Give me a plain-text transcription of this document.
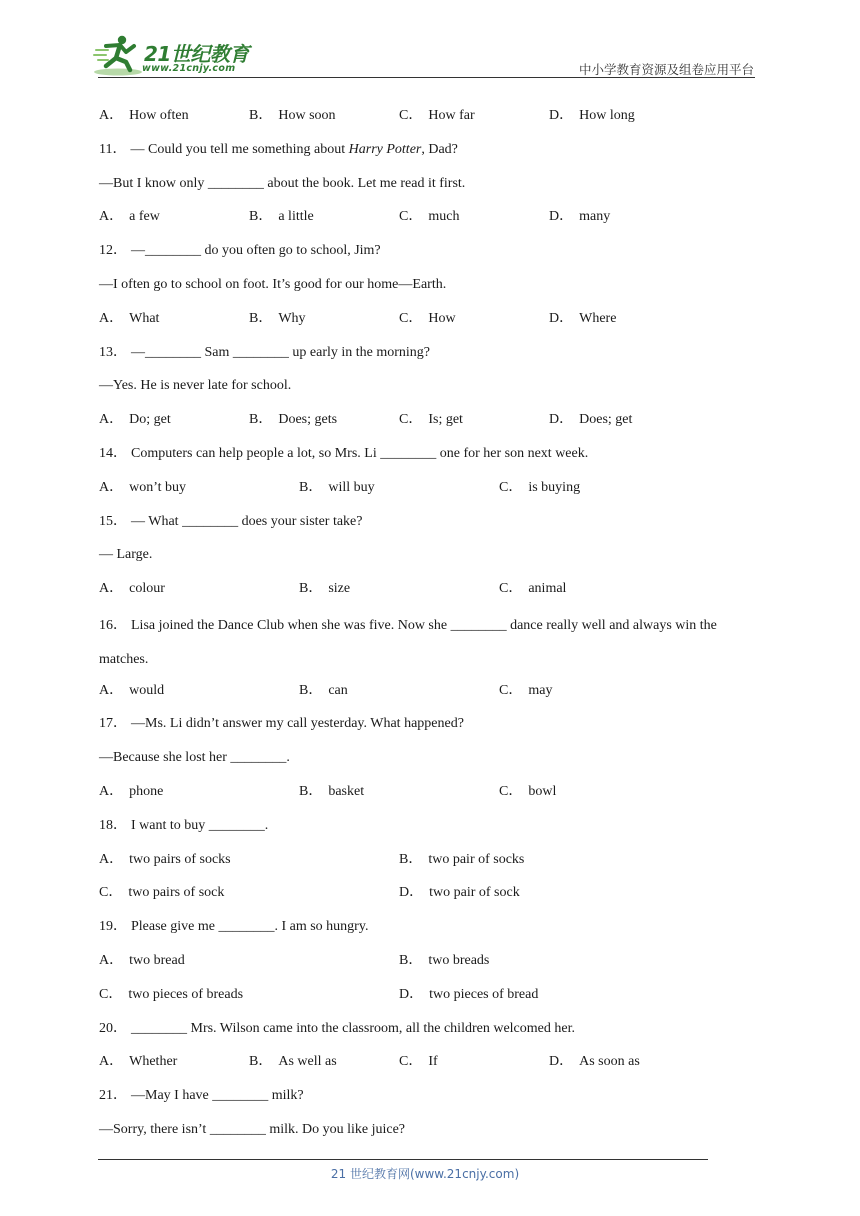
21世纪教育
www.21cnjy.com	中小学教育资源及组卷应用平台
A． How often	B． How soon	C． How far	D． How long
11． — Could you tell me something about Harry Potter, Dad?
—But I know only ________ about the book. Let me read it first.
A． a few	B． a little	C． much	D． many
12． —________ do you often go to school, Jim?
—I often go to school on foot. It’s good for our home—Earth.
A． What	B． Why	C． How	D． Where
13． —________ Sam ________ up early in the morning?
—Yes. He is never late for school.
A． Do; get	B． Does; gets	C． Is; get	D． Does; get
14． Computers can help people a lot, so Mrs. Li ________ one for her son next week.
A． won’t buy	B． will buy	C． is buying
15． — What ________ does your sister take?
— Large.
A． colour	B． size	C． animal
16． Lisa joined the Dance Club when she was five. Now she ________ dance really well and always win the matches.
A． would	B． can	C． may
17． —Ms. Li didn’t answer my call yesterday. What happened?
—Because she lost her ________.
A． phone	B． basket	C． bowl
18． I want to buy ________.
A． two pairs of socks	B． two pair of socks
C． two pairs of sock	D． two pair of sock
19． Please give me ________. I am so hungry.
A． two bread	B． two breads
C． two pieces of breads	D． two pieces of bread
20． ________ Mrs. Wilson came into the classroom, all the children welcomed her.
A． Whether	B． As well as	C． If	D． As soon as
21． —May I have ________ milk?
—Sorry, there isn’t ________ milk. Do you like juice?
21 世纪教育网(www.21cnjy.com)
